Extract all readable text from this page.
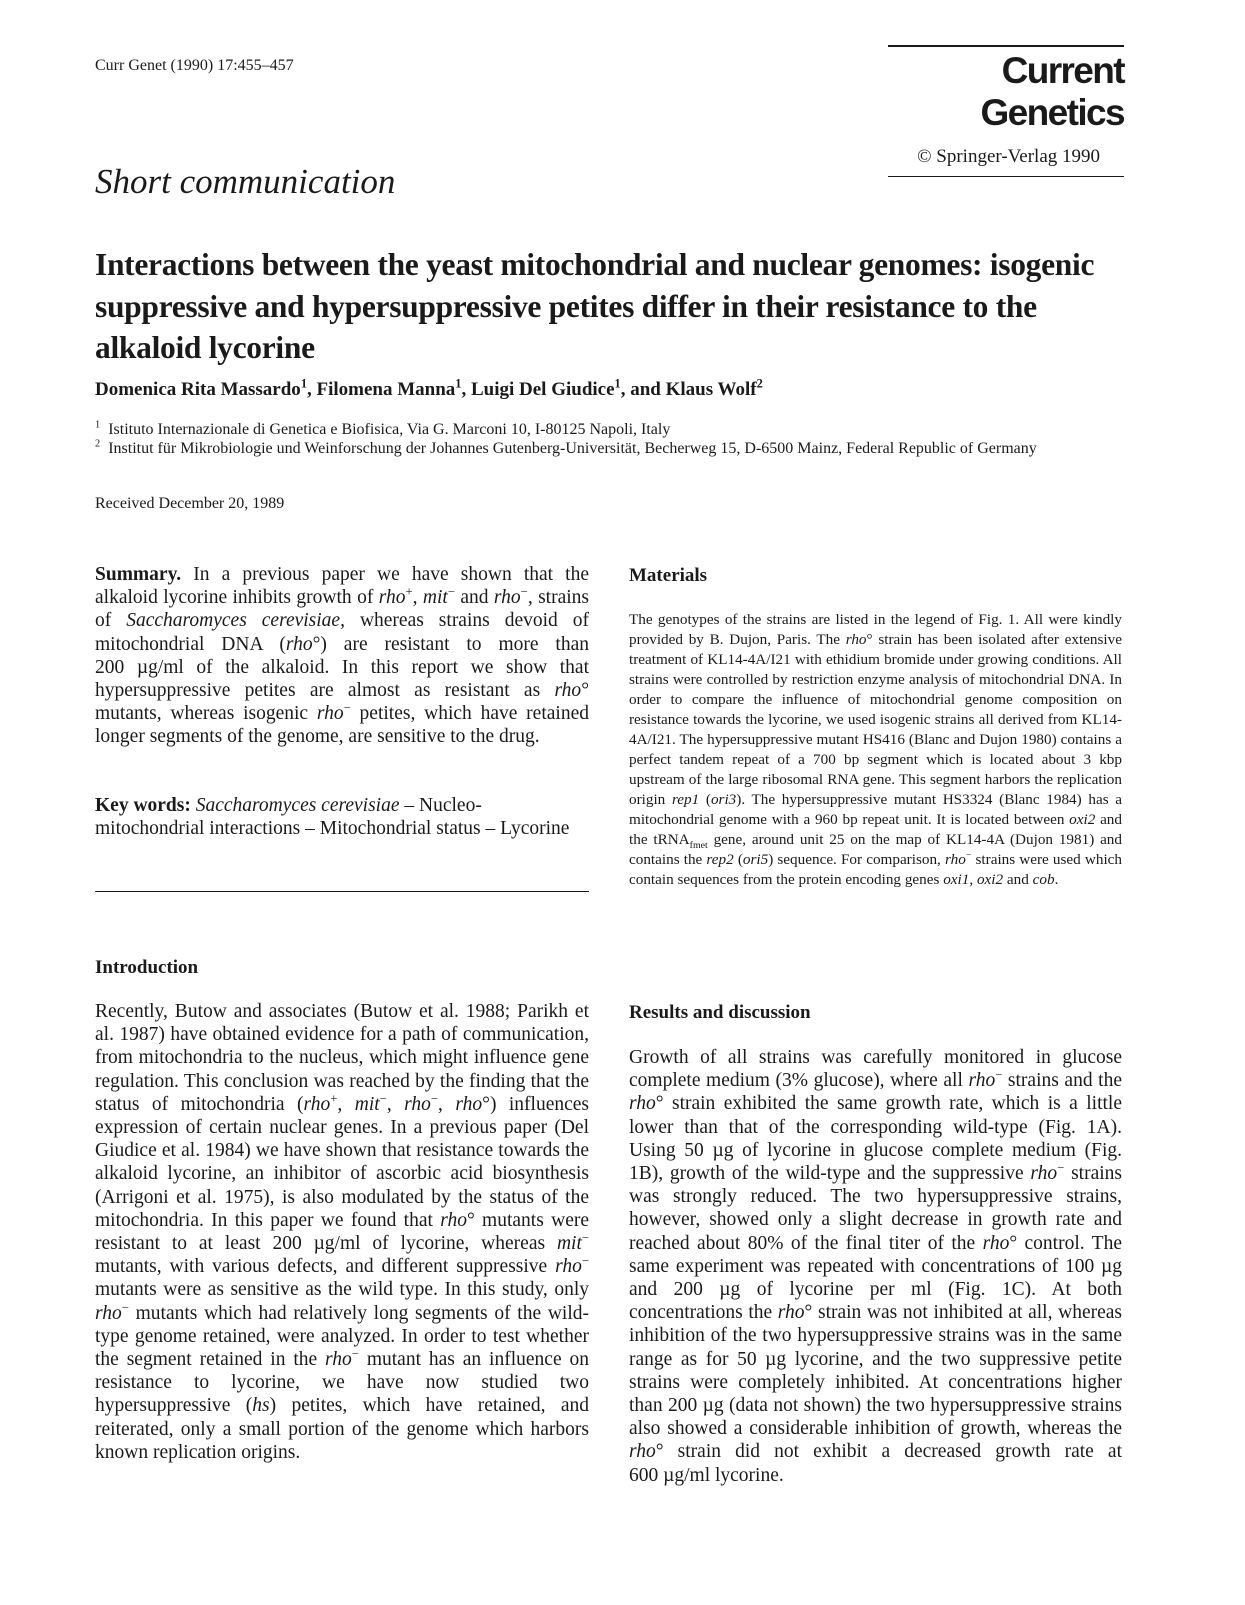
Curr Genet (1990) 17:455–457	Current Genetics
© Springer-Verlag 1990
Short communication
Interactions between the yeast mitochondrial and nuclear genomes: isogenic suppressive and hypersuppressive petites differ in their resistance to the alkaloid lycorine
Domenica Rita Massardo$^1$, Filomena Manna$^1$, Luigi Del Giudice$^1$, and Klaus Wolf$^2$

$^1$ Istituto Internazionale di Genetica e Biofisica, Via G. Marconi 10, I-80125 Napoli, Italy

$^2$ Institut für Mikrobiologie und Weinforschung der Johannes Gutenberg-Universität, Becherweg 15, D-6500 Mainz, Federal Republic of Germany

Received December 20, 1989

Summary. In a previous paper we have shown that the alkaloid lycorine inhibits growth of rho+, mit− and rho−, strains of Saccharomyces cerevisiae, whereas strains devoid of mitochondrial DNA (rho°) are resistant to more than 200 µg/ml of the alkaloid. In this report we show that hypersuppressive petites are almost as resistant as rho° mutants, whereas isogenic rho− petites, which have retained longer segments of the genome, are sensitive to the drug.

Key words: Saccharomyces cerevisiae – Nucleo-mitochondrial interactions – Mitochondrial status – Lycorine

Introduction

Recently, Butow and associates (Butow et al. 1988; Parikh et al. 1987) have obtained evidence for a path of communication, from mitochondria to the nucleus, which might influence gene regulation. This conclusion was reached by the finding that the status of mitochondria (rho+, mit−, rho−, rho°) influences expression of certain nuclear genes. In a previous paper (Del Giudice et al. 1984) we have shown that resistance towards the alkaloid lycorine, an inhibitor of ascorbic acid biosynthesis (Arrigoni et al. 1975), is also modulated by the status of the mitochondria. In this paper we found that rho° mutants were resistant to at least 200 µg/ml of lycorine, whereas mit− mutants, with various defects, and different suppressive rho− mutants were as sensitive as the wild type. In this study, only rho− mutants which had relatively long segments of the wild-type genome retained, were analyzed. In order to test whether the segment retained in the rho− mutant has an influence on resistance to lycorine, we have now studied two hypersuppressive (hs) petites, which have retained, and reiterated, only a small portion of the genome which harbors known replication origins.

Materials

The genotypes of the strains are listed in the legend of Fig. 1. All were kindly provided by B. Dujon, Paris. The rho° strain has been isolated after extensive treatment of KL14-4A/I21 with ethidium bromide under growing conditions. All strains were controlled by restriction enzyme analysis of mitochondrial DNA. In order to compare the influence of mitochondrial genome composition on resistance towards the lycorine, we used isogenic strains all derived from KL14-4A/I21. The hypersuppressive mutant HS416 (Blanc and Dujon 1980) contains a perfect tandem repeat of a 700 bp segment which is located about 3 kbp upstream of the large ribosomal RNA gene. This segment harbors the replication origin rep1 (ori3). The hypersuppressive mutant HS3324 (Blanc 1984) has a mitochondrial genome with a 960 bp repeat unit. It is located between oxi2 and the tRNA$_{fmet}$ gene, around unit 25 on the map of KL14-4A (Dujon 1981) and contains the rep2 (ori5) sequence. For comparison, rho− strains were used which contain sequences from the protein encoding genes oxi1, oxi2 and cob.

Results and discussion

Growth of all strains was carefully monitored in glucose complete medium (3% glucose), where all rho− strains and the rho° strain exhibited the same growth rate, which is a little lower than that of the corresponding wild-type (Fig. 1A). Using 50 µg of lycorine in glucose complete medium (Fig. 1B), growth of the wild-type and the suppressive rho− strains was strongly reduced. The two hypersuppressive strains, however, showed only a slight decrease in growth rate and reached about 80% of the final titer of the rho° control. The same experiment was repeated with concentrations of 100 µg and 200 µg of lycorine per ml (Fig. 1C). At both concentrations the rho° strain was not inhibited at all, whereas inhibition of the two hypersuppressive strains was in the same range as for 50 µg lycorine, and the two suppressive petite strains were completely inhibited. At concentrations higher than 200 µg (data not shown) the two hypersuppressive strains also showed a considerable inhibition of growth, whereas the rho° strain did not exhibit a decreased growth rate at 600 µg/ml lycorine.
